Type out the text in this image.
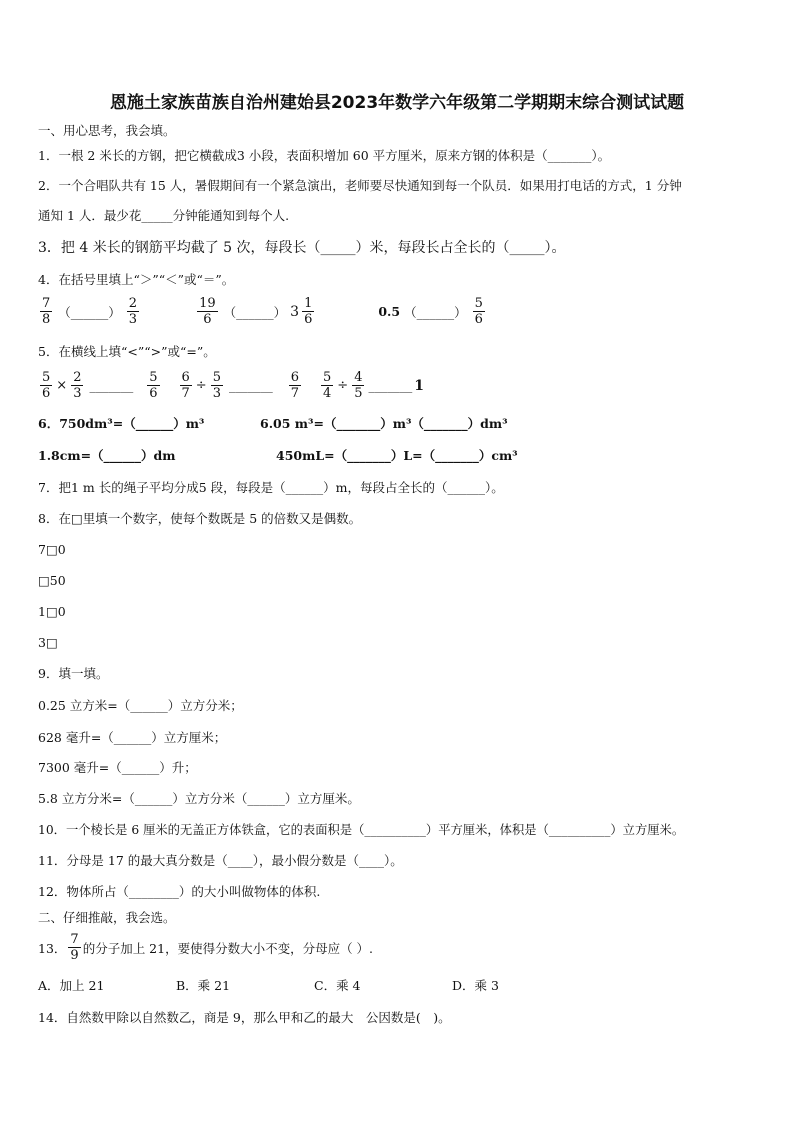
恩施土家族苗族自治州建始县2023年数学六年级第二学期期末综合测试试题
一、用心思考，我会填。
1．一根 2 米长的方钢，把它横截成3 小段，表面积增加 60 平方厘米，原来方钢的体积是（_______）。
2．一个合唱队共有 15 人，暑假期间有一个紧急演出，老师要尽快通知到每一个队员．如果用打电话的方式，1 分钟
通知 1 人．最少花_____分钟能通知到每个人.
3．把 4 米长的钢筋平均截了 5 次，每段长（_____）米，每段长占全长的（_____）。
4．在括号里填上“＞”“＜”或“＝”。
$\frac{7}{8}$ （______） $\frac{2}{3}$	$\frac{19}{6}$ （______） $3 \frac{1}{6}$	0.5 （______） $\frac{5}{6}$
5．在横线上填“<”“>”或“=”。
$\frac{5}{6} \times \frac{2}{3}$ _______ $\frac{5}{6} \frac{6}{7} \div \frac{5}{3}$ _______ $\frac{6}{7} \frac{5}{4} \div \frac{4}{5}$ _______ 1
6．750dm³=（______）m³	6.05 m³=（_______）m³（_______）dm³
1.8cm=（______）dm	450mL=（_______）L=（_______）cm³
7．把1 m 长的绳子平均分成5 段，每段是（______）m，每段占全长的（______）。
8．在□里填一个数字，使每个数既是 5 的倍数又是偶数。
7□0
□50
1□0
3□
9．填一填。
0.25 立方米=（______）立方分米；
628 毫升=（______）立方厘米；
7300 毫升=（______）升；
5.8 立方分米=（______）立方分米（______）立方厘米。
10．一个棱长是 6 厘米的无盖正方体铁盒，它的表面积是（__________）平方厘米，体积是（__________）立方厘米。
11．分母是 17 的最大真分数是（____），最小假分数是（____）。
12．物体所占（________）的大小叫做物体的体积.
二、仔细推敲，我会选。
13． $\frac{7}{9}$ 的分子加上 21，要使得分数大小不变，分母应（ ）.
A．加上 21	B．乘 21	C．乘 4	D．乘 3
14．自然数甲除以自然数乙，商是 9，那么甲和乙的最大　公因数是(　)。
